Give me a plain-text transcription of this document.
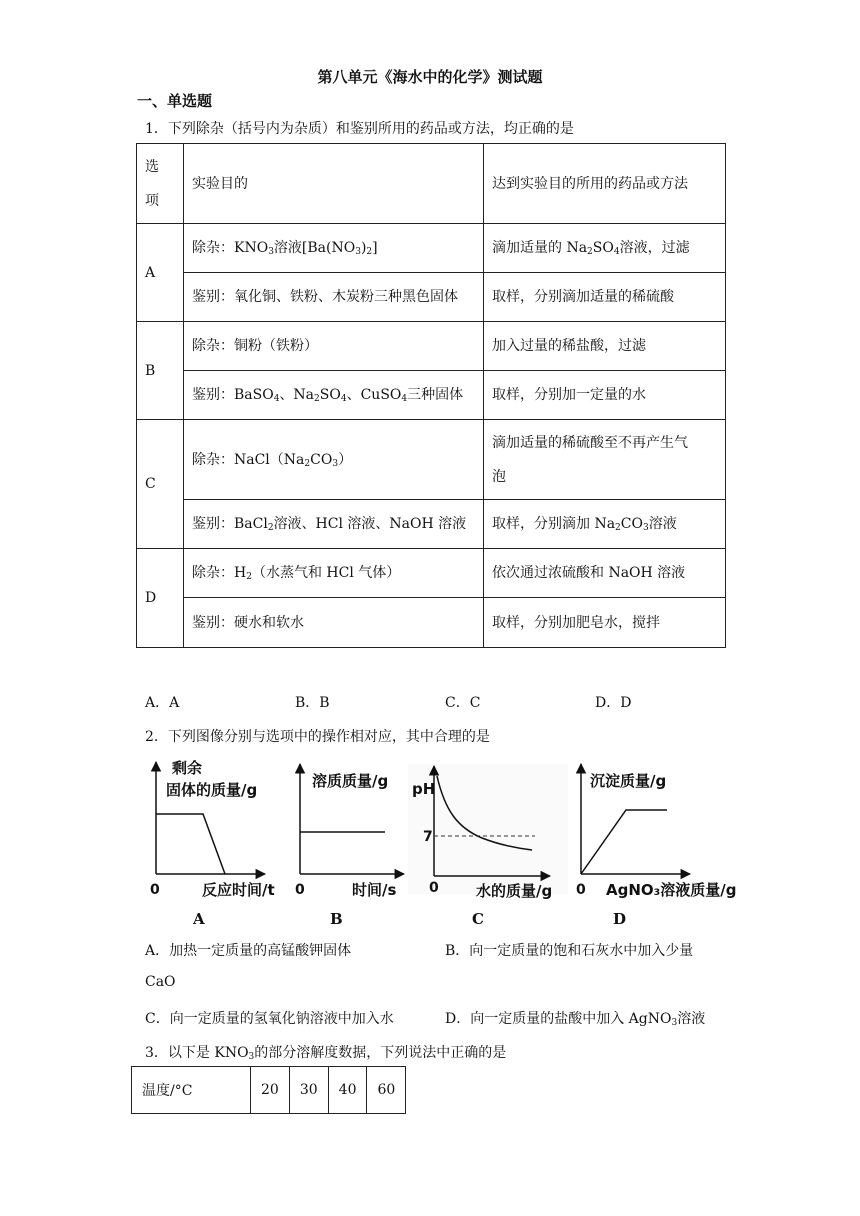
第八单元《海水中的化学》测试题
一、单选题
1．下列除杂（括号内为杂质）和鉴别所用的药品或方法，均正确的是
选
项	实验目的	达到实验目的所用的药品或方法
A	除杂：$KNO_3$溶液$[Ba(NO_3)_2]$	滴加适量的 $Na_2SO_4$溶液，过滤
	鉴别：氧化铜、铁粉、木炭粉三种黑色固体	取样，分别滴加适量的稀硫酸
B	除杂：铜粉（铁粉）	加入过量的稀盐酸，过滤
	鉴别：BaSO$_4$、$Na_2SO_4$、CuSO$_4$三种固体	取样，分别加一定量的水
C	除杂：$NaCl(Na_2CO_3)$	滴加适量的稀硫酸至不再产生气
泡

	鉴别：BaCl$_2$溶液、HCl 溶液、NaOH 溶液	取样，分别滴加 $Na_2CO_3$溶液
D	除杂：$H_2$（水蒸气和 HCl 气体）	依次通过浓硫酸和 NaOH 溶液
	鉴别：硬水和软水	取样，分别加肥皂水，搅拌
A．A	B．B	C．C	D．D
2．下列图像分别与选项中的操作相对应，其中合理的是
剩余
固体的质量/g
0	反应时间/t
A
溶质质量/g
0	时间/s
B
pH
7
0 水的质量/g
C
沉淀质量/g
0 AgNO₃溶液质量/g
D
A．加热一定质量的高锰酸钾固体	B．向一定质量的饱和石灰水中加入少量
CaO
C．向一定质量的氢氧化钠溶液中加入水	D．向一定质量的盐酸中加入 AgNO$_3$溶液
3．以下是 $KNO_3$的部分溶解度数据，下列说法中正确的是
温度/°C	20	30	40	60
